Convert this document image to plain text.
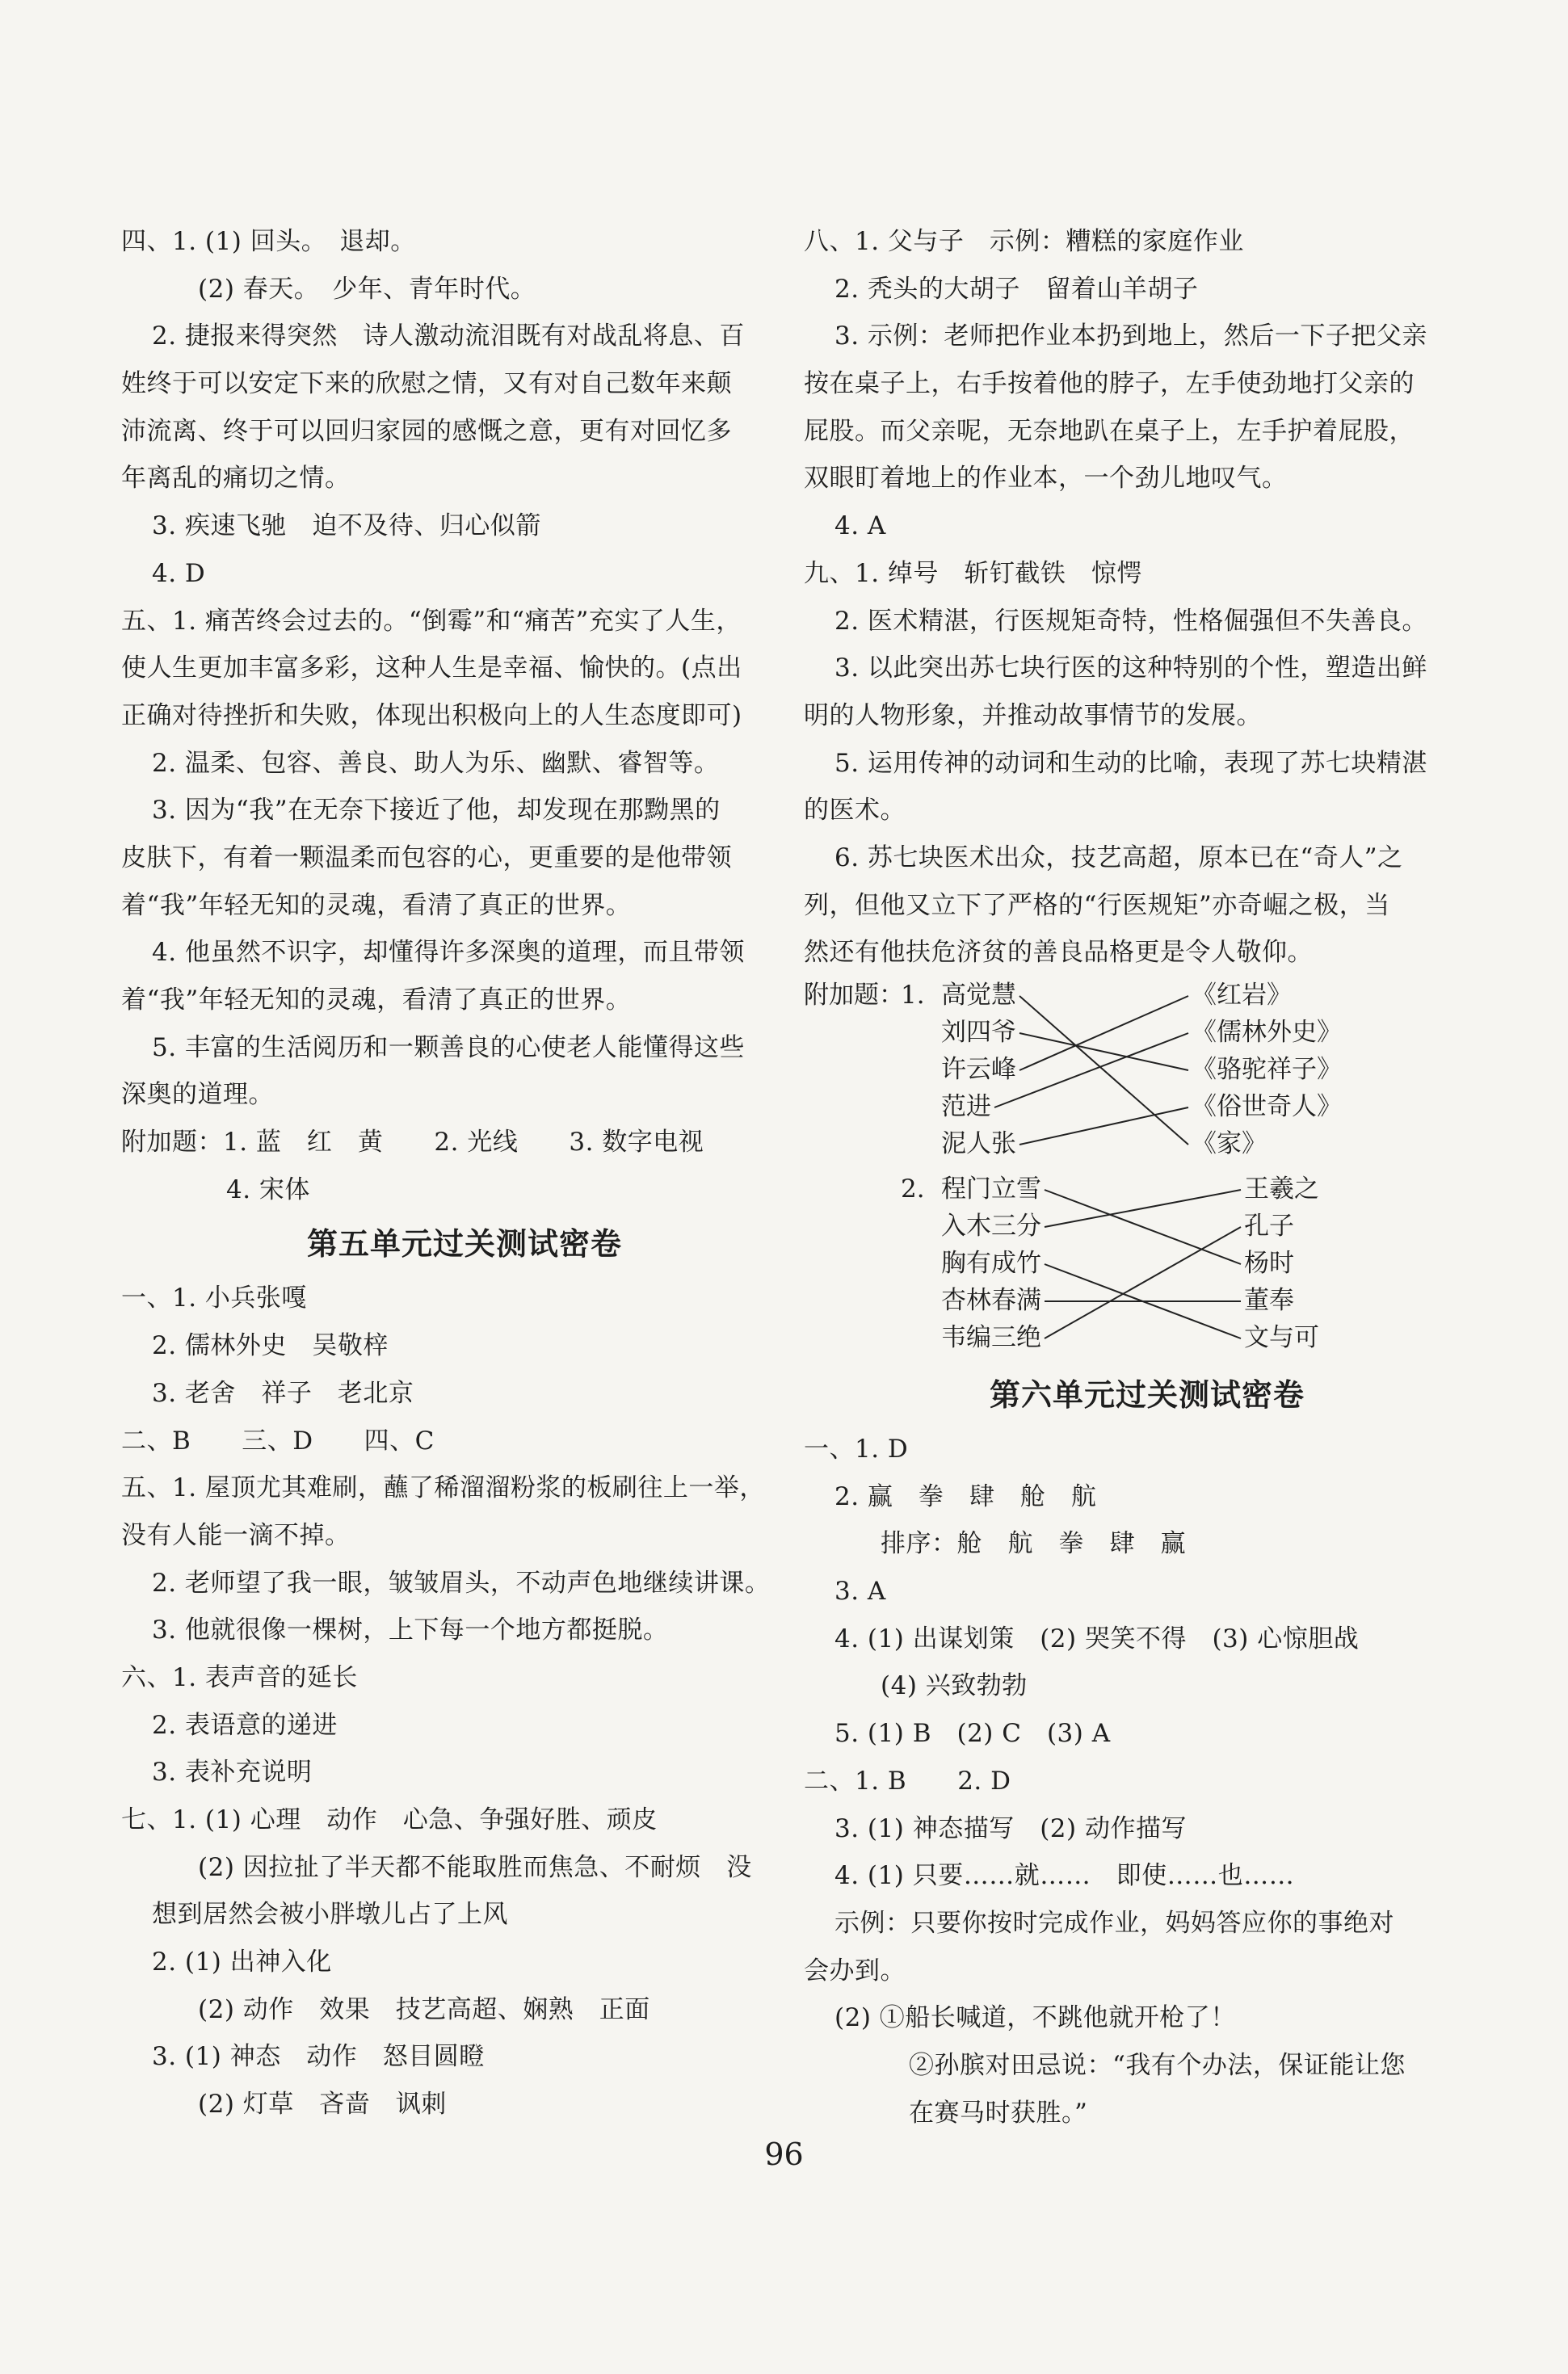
四、1. (1) 回头。　退却。
(2) 春天。　少年、青年时代。
2. 捷报来得突然　诗人激动流泪既有对战乱将息、百
姓终于可以安定下来的欣慰之情，又有对自己数年来颠
沛流离、终于可以回归家园的感慨之意，更有对回忆多
年离乱的痛切之情。
3. 疾速飞驰　迫不及待、归心似箭
4. D
五、1. 痛苦终会过去的。“倒霉”和“痛苦”充实了人生，
使人生更加丰富多彩，这种人生是幸福、愉快的。(点出
正确对待挫折和失败，体现出积极向上的人生态度即可)
2. 温柔、包容、善良、助人为乐、幽默、睿智等。
3. 因为“我”在无奈下接近了他，却发现在那黝黑的
皮肤下，有着一颗温柔而包容的心，更重要的是他带领
着“我”年轻无知的灵魂，看清了真正的世界。
4. 他虽然不识字，却懂得许多深奥的道理，而且带领
着“我”年轻无知的灵魂，看清了真正的世界。
5. 丰富的生活阅历和一颗善良的心使老人能懂得这些
深奥的道理。
附加题：1. 蓝　红　黄　　2. 光线　　3. 数字电视
4. 宋体
第五单元过关测试密卷
一、1. 小兵张嘎
2. 儒林外史　吴敬梓
3. 老舍　祥子　老北京
二、B　　三、D　　四、C
五、1. 屋顶尤其难刷，蘸了稀溜溜粉浆的板刷往上一举，
没有人能一滴不掉。
2. 老师望了我一眼，皱皱眉头，不动声色地继续讲课。
3. 他就很像一棵树，上下每一个地方都挺脱。
六、1. 表声音的延长
2. 表语意的递进
3. 表补充说明
七、1. (1) 心理　动作　心急、争强好胜、顽皮
(2) 因拉扯了半天都不能取胜而焦急、不耐烦　没
想到居然会被小胖墩儿占了上风
2. (1) 出神入化
(2) 动作　效果　技艺高超、娴熟　正面
3. (1) 神态　动作　怒目圆瞪
(2) 灯草　吝啬　讽刺
八、1. 父与子　示例：糟糕的家庭作业
2. 秃头的大胡子　留着山羊胡子
3. 示例：老师把作业本扔到地上，然后一下子把父亲
按在桌子上，右手按着他的脖子，左手使劲地打父亲的
屁股。而父亲呢，无奈地趴在桌子上，左手护着屁股，
双眼盯着地上的作业本，一个劲儿地叹气。
4. A
九、1. 绰号　斩钉截铁　惊愕
2. 医术精湛，行医规矩奇特，性格倔强但不失善良。
3. 以此突出苏七块行医的这种特别的个性，塑造出鲜
明的人物形象，并推动故事情节的发展。
5. 运用传神的动词和生动的比喻，表现了苏七块精湛
的医术。
6. 苏七块医术出众，技艺高超，原本已在“奇人”之
列，但他又立下了严格的“行医规矩”亦奇崛之极，当
然还有他扶危济贫的善良品格更是令人敬仰。
附加题：
1. 高觉慧
刘四爷
许云峰
范进
泥人张
《红岩》
《儒林外史》
《骆驼祥子》
《俗世奇人》
《家》
2. 程门立雪
入木三分
胸有成竹
杏林春满
韦编三绝
王羲之
孔子
杨时
董奉
文与可
第六单元过关测试密卷
一、1. D
2. 赢　拳　肆　舱　航
排序：舱　航　拳　肆　赢
3. A
4. (1) 出谋划策　(2) 哭笑不得　(3) 心惊胆战
(4) 兴致勃勃
5. (1) B　(2) C　(3) A
二、1. B　　2. D
3. (1) 神态描写　(2) 动作描写
4. (1) 只要……就……　即使……也……
示例：只要你按时完成作业，妈妈答应你的事绝对
会办到。
(2) ①船长喊道，不跳他就开枪了！
②孙膑对田忌说：“我有个办法，保证能让您
在赛马时获胜。”
96
